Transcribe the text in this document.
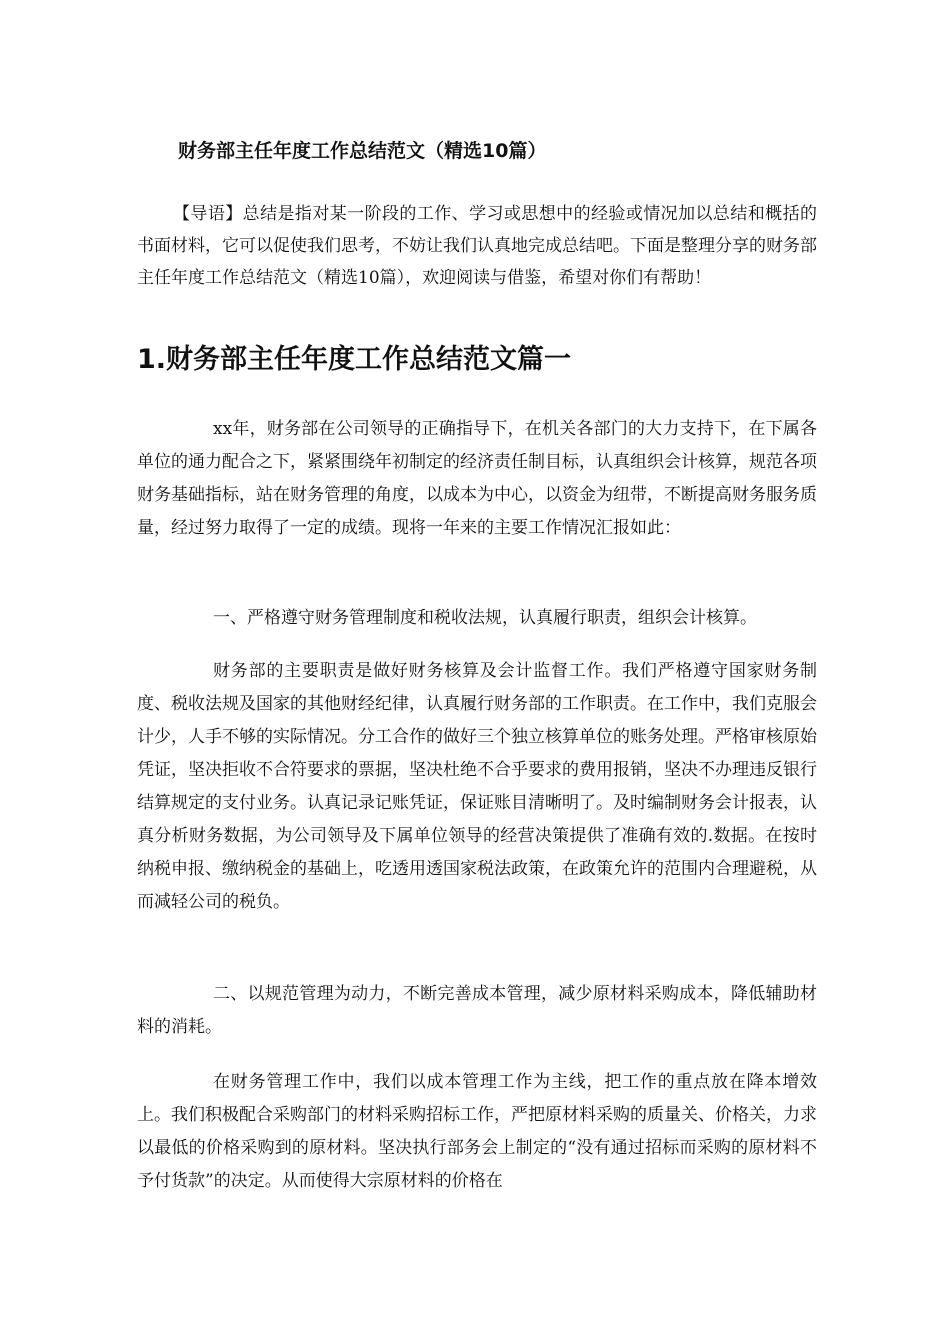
财务部主任年度工作总结范文（精选10篇）

【导语】总结是指对某一阶段的工作、学习或思想中的经验或情况加以总结和概括的书面材料，它可以促使我们思考，不妨让我们认真地完成总结吧。下面是整理分享的财务部主任年度工作总结范文（精选10篇），欢迎阅读与借鉴，希望对你们有帮助！

1.财务部主任年度工作总结范文篇一

xx年，财务部在公司领导的正确指导下，在机关各部门的大力支持下，在下属各单位的通力配合之下，紧紧围绕年初制定的经济责任制目标，认真组织会计核算，规范各项财务基础指标，站在财务管理的角度，以成本为中心，以资金为纽带，不断提高财务服务质量，经过努力取得了一定的成绩。现将一年来的主要工作情况汇报如此：

一、严格遵守财务管理制度和税收法规，认真履行职责，组织会计核算。

财务部的主要职责是做好财务核算及会计监督工作。我们严格遵守国家财务制度、税收法规及国家的其他财经纪律，认真履行财务部的工作职责。在工作中，我们克服会计少，人手不够的实际情况。分工合作的做好三个独立核算单位的账务处理。严格审核原始凭证，坚决拒收不合符要求的票据，坚决杜绝不合乎要求的费用报销，坚决不办理违反银行结算规定的支付业务。认真记录记账凭证，保证账目清晰明了。及时编制财务会计报表，认真分析财务数据，为公司领导及下属单位领导的经营决策提供了准确有效的.数据。在按时纳税申报、缴纳税金的基础上，吃透用透国家税法政策，在政策允许的范围内合理避税，从而减轻公司的税负。

二、以规范管理为动力，不断完善成本管理，减少原材料采购成本，降低辅助材料的消耗。

在财务管理工作中，我们以成本管理工作为主线，把工作的重点放在降本增效上。我们积极配合采购部门的材料采购招标工作，严把原材料采购的质量关、价格关，力求以最低的价格采购到的原材料。坚决执行部务会上制定的“没有通过招标而采购的原材料不予付货款”的决定。从而使得大宗原材料的价格在
